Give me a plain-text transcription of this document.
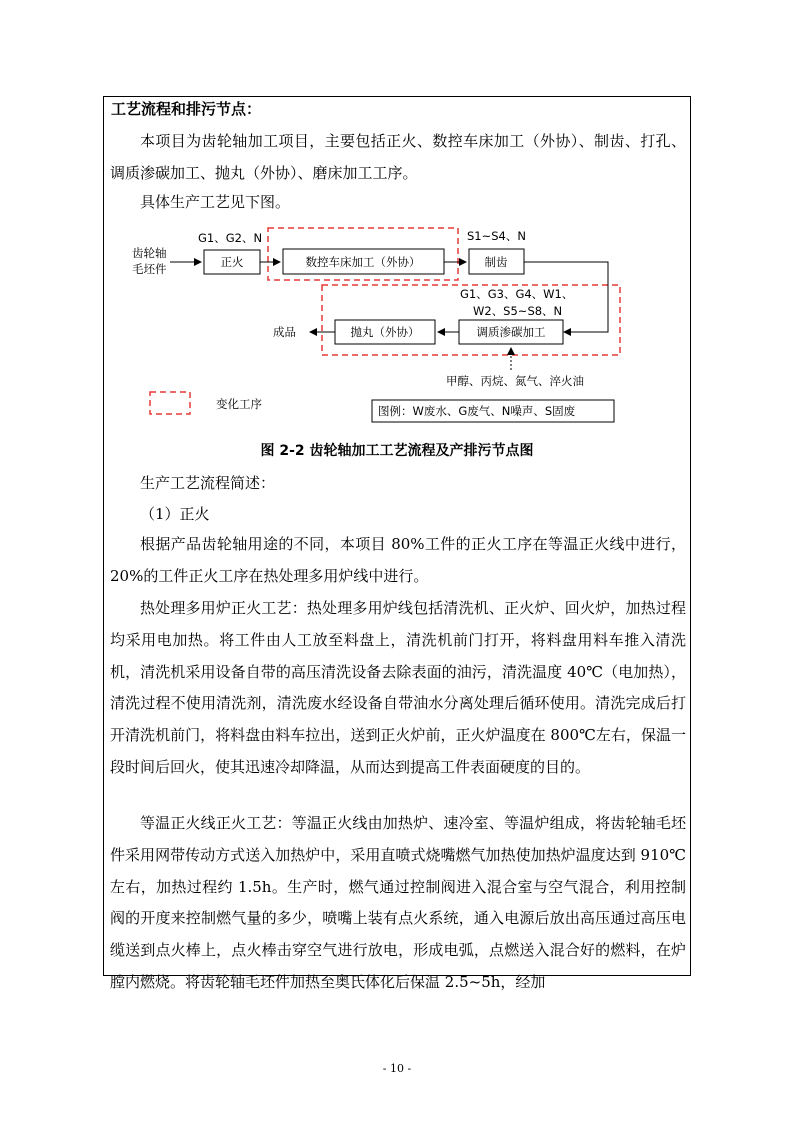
工艺流程和排污节点：
本项目为齿轮轴加工项目，主要包括正火、数控车床加工（外协）、制齿、打孔、调质渗碳加工、抛丸（外协）、磨床加工工序。
具体生产工艺见下图。
齿轮轴
毛坯件
G1、G2、N
正火	数控车床加工（外协）
S1~S4、N
制齿
G1、G3、G4、W1、
W2、S5~S8、N
调质渗碳加工
抛丸（外协）
成品
甲醇、丙烷、氮气、淬火油
变化工序	图例：W废水、G废气、N噪声、S固废
图 2-2 齿轮轴加工工艺流程及产排污节点图
生产工艺流程简述：
（1）正火
根据产品齿轮轴用途的不同，本项目 80%工件的正火工序在等温正火线中进行，20%的工件正火工序在热处理多用炉线中进行。
热处理多用炉正火工艺：热处理多用炉线包括清洗机、正火炉、回火炉，加热过程均采用电加热。将工件由人工放至料盘上，清洗机前门打开，将料盘用料车推入清洗机，清洗机采用设备自带的高压清洗设备去除表面的油污，清洗温度 40℃（电加热），清洗过程不使用清洗剂，清洗废水经设备自带油水分离处理后循环使用。清洗完成后打开清洗机前门，将料盘由料车拉出，送到正火炉前，正火炉温度在 800℃左右，保温一段时间后回火，使其迅速冷却降温，从而达到提高工件表面硬度的目的。
等温正火线正火工艺：等温正火线由加热炉、速冷室、等温炉组成，将齿轮轴毛坯件采用网带传动方式送入加热炉中，采用直喷式烧嘴燃气加热使加热炉温度达到 910℃左右，加热过程约 1.5h。生产时，燃气通过控制阀进入混合室与空气混合，利用控制阀的开度来控制燃气量的多少，喷嘴上装有点火系统，通入电源后放出高压通过高压电缆送到点火棒上，点火棒击穿空气进行放电，形成电弧，点燃送入混合好的燃料，在炉膛内燃烧。将齿轮轴毛坯件加热至奥氏体化后保温 2.5~5h，经加
- 10 -
